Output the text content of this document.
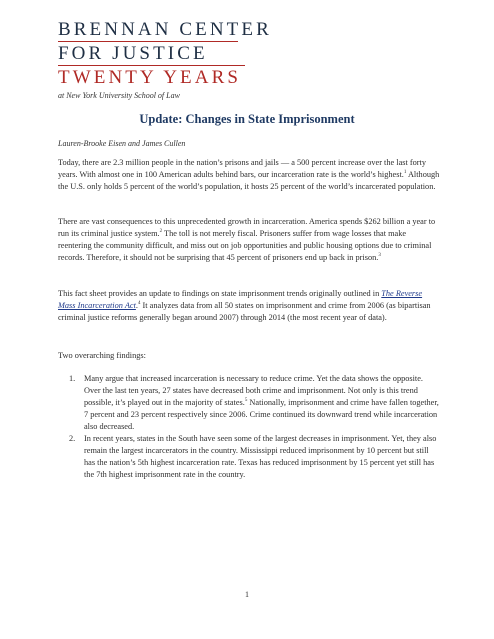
BRENNAN CENTER
FOR JUSTICE
TWENTY YEARS
at New York University School of Law
Update: Changes in State Imprisonment
Lauren-Brooke Eisen and James Cullen

Today, there are 2.3 million people in the nation’s prisons and jails — a 500 percent increase over the last forty years. With almost one in 100 American adults behind bars, our incarceration rate is the world’s highest.$^1$ Although the U.S. only holds 5 percent of the world’s population, it hosts 25 percent of the world’s incarcerated population.

There are vast consequences to this unprecedented growth in incarceration. America spends $262 billion a year to run its criminal justice system.$^2$ The toll is not merely fiscal. Prisoners suffer from wage losses that make reentering the community difficult, and miss out on job opportunities and public housing options due to criminal records. Therefore, it should not be surprising that 45 percent of prisoners end up back in prison.$^3$

This fact sheet provides an update to findings on state imprisonment trends originally outlined in The Reverse Mass Incarceration Act.$^4$ It analyzes data from all 50 states on imprisonment and crime from 2006 (as bipartisan criminal justice reforms generally began around 2007) through 2014 (the most recent year of data).

Two overarching findings:

1. Many argue that increased incarceration is necessary to reduce crime. Yet the data shows the opposite. Over the last ten years, 27 states have decreased both crime and imprisonment. Not only is this trend possible, it’s played out in the majority of states.$^5$ Nationally, imprisonment and crime have fallen together, 7 percent and 23 percent respectively since 2006. Crime continued its downward trend while incarceration also decreased.
2. In recent years, states in the South have seen some of the largest decreases in imprisonment. Yet, they also remain the largest incarcerators in the country. Mississippi reduced imprisonment by 10 percent but still has the nation’s 5th highest incarceration rate. Texas has reduced imprisonment by 15 percent yet still has the 7th highest imprisonment rate in the country.
1
